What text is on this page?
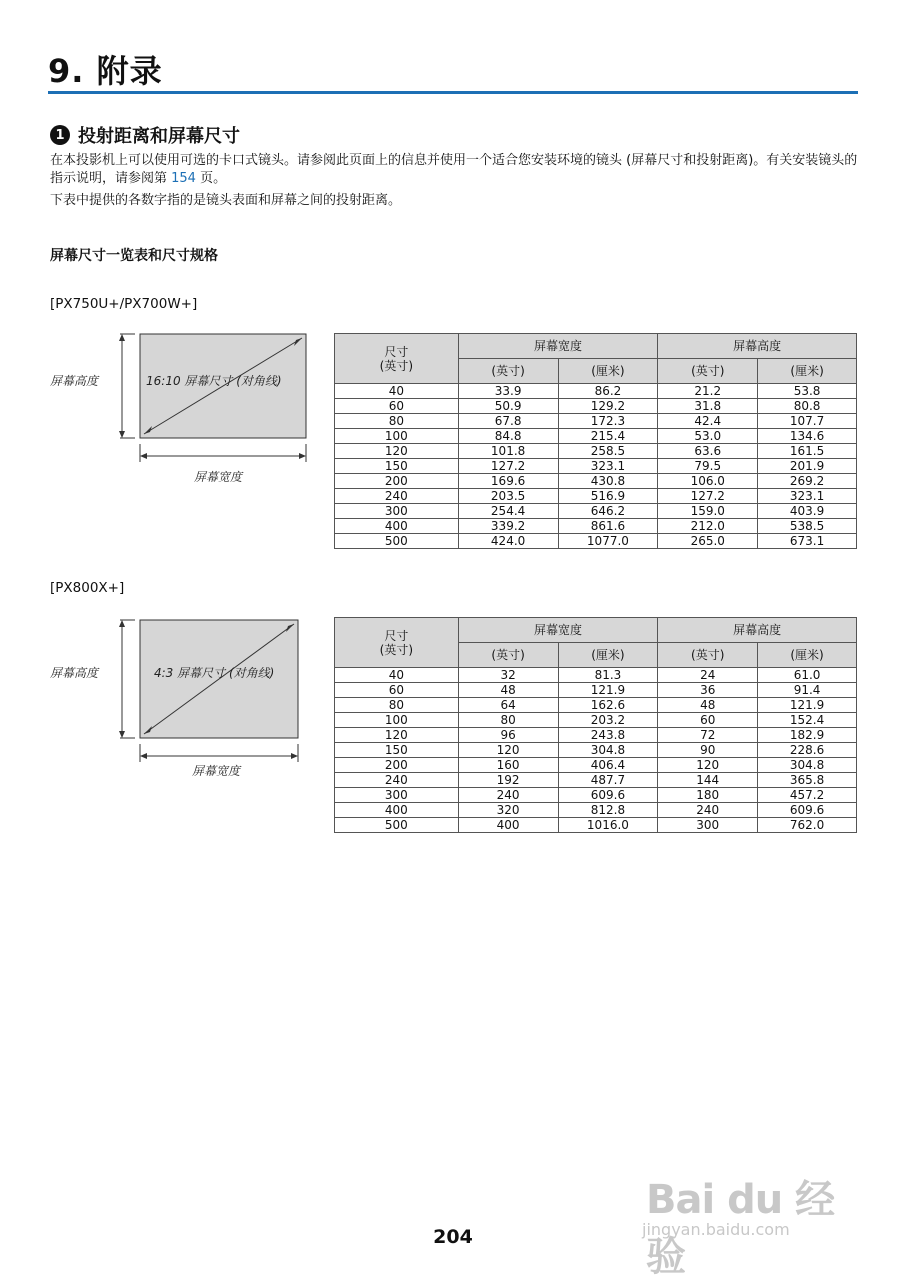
9. 附录
1 投射距离和屏幕尺寸
在本投影机上可以使用可选的卡口式镜头。请参阅此页面上的信息并使用一个适合您安装环境的镜头 (屏幕尺寸和投射距离)。有关安装镜头的指示说明，请参阅第 154 页。
下表中提供的各数字指的是镜头表面和屏幕之间的投射距离。
屏幕尺寸一览表和尺寸规格
[PX750U+/PX700W+]
屏幕高度	16:10 屏幕尺寸 (对角线)
屏幕宽度
尺寸
(英寸)	屏幕宽度		屏幕高度	
	(英寸)	(厘米)	(英寸)	(厘米)
40	33.9	86.2	21.2	53.8
60	50.9	129.2	31.8	80.8
80	67.8	172.3	42.4	107.7
100	84.8	215.4	53.0	134.6
120	101.8	258.5	63.6	161.5
150	127.2	323.1	79.5	201.9
200	169.6	430.8	106.0	269.2
240	203.5	516.9	127.2	323.1
300	254.4	646.2	159.0	403.9
400	339.2	861.6	212.0	538.5
500	424.0	1077.0	265.0	673.1
[PX800X+]
屏幕高度	4:3 屏幕尺寸 (对角线)
屏幕宽度
尺寸
(英寸)	屏幕宽度		屏幕高度	
	(英寸)	(厘米)	(英寸)	(厘米)
40	32	81.3	24	61.0
60	48	121.9	36	91.4
80	64	162.6	48	121.9
100	80	203.2	60	152.4
120	96	243.8	72	182.9
150	120	304.8	90	228.6
200	160	406.4	120	304.8
240	192	487.7	144	365.8
300	240	609.6	180	457.2
400	320	812.8	240	609.6
500	400	1016.0	300	762.0
Bai du 经验
jingyan.baidu.com
204
